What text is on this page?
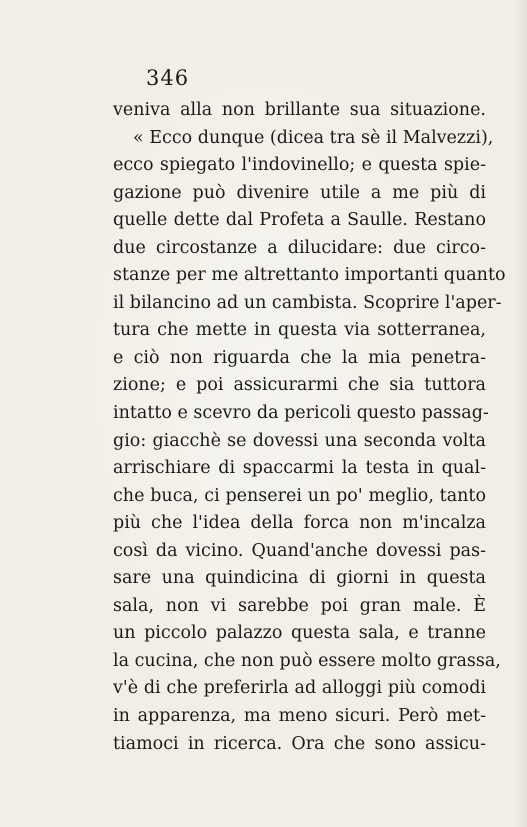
346
veniva alla non brillante sua situazione.
« Ecco dunque (dicea tra sè il Malvezzi),
ecco spiegato l'indovinello; e questa spie-
gazione può divenire utile a me più di
quelle dette dal Profeta a Saulle. Restano
due circostanze a dilucidare: due circo-
stanze per me altrettanto importanti quanto
il bilancino ad un cambista. Scoprire l'aper-
tura che mette in questa via sotterranea,
e ciò non riguarda che la mia penetra-
zione; e poi assicurarmi che sia tuttora
intatto e scevro da pericoli questo passag-
gio: giacchè se dovessi una seconda volta
arrischiare di spaccarmi la testa in qual-
che buca, ci penserei un po' meglio, tanto
più che l'idea della forca non m'incalza
così da vicino. Quand'anche dovessi pas-
sare una quindicina di giorni in questa
sala, non vi sarebbe poi gran male. È
un piccolo palazzo questa sala, e tranne
la cucina, che non può essere molto grassa,
v'è di che preferirla ad alloggi più comodi
in apparenza, ma meno sicuri. Però met-
tiamoci in ricerca. Ora che sono assicu-
